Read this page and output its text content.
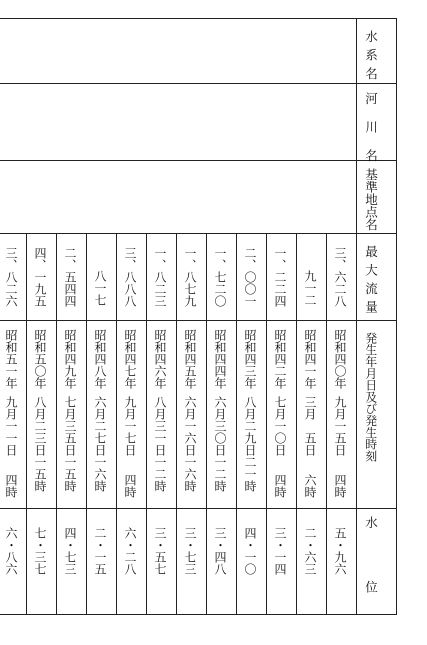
水系名
河川名
基準地点名
最大流量
発生年月日及び発生時刻
水位
三、六二八
昭和四〇年
九月一五日
四時
五・九六
九一二
昭和四一年
三月　五日
六時
二・六三
一、二二四
昭和四二年
七月一〇日
四時
三・一四
二、〇〇一
昭和四三年
八月二九日二一時
四・一〇
一、七二〇
昭和四四年
六月三〇日一二時
三・四八
一、八七九
昭和四五年
六月一六日一六時
三・七三
一、八二三
昭和四六年
八月三一日一二時
三・五七
三、八八八
昭和四七年
九月一七日
四時
六・二八
八一七
昭和四八年
六月二七日一六時
二・一五
二、五四四
昭和四九年
七月三五日一五時
四・七三
四、一九五
昭和五〇年
八月二三日一五時
七・三七
三、八二六
昭和五一年
九月一一日
四時
六・八六
